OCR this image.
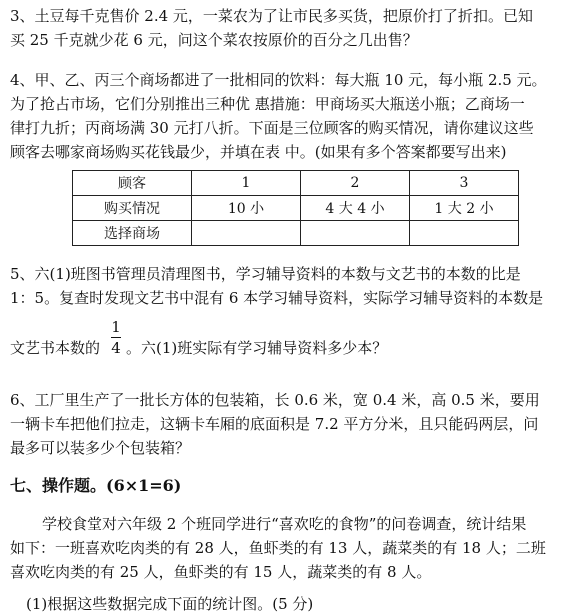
3、土豆每千克售价 2.4 元，一菜农为了让市民多买货，把原价打了折扣。已知
买 25 千克就少花 6 元，问这个菜农按原价的百分之几出售？
4、甲、乙、丙三个商场都进了一批相同的饮料：每大瓶 10 元，每小瓶 2.5 元。
为了抢占市场，它们分别推出三种优 惠措施：甲商场买大瓶送小瓶；乙商场一
律打九折；丙商场满 30 元打八折。下面是三位顾客的购买情况，请你建议这些
顾客去哪家商场购买花钱最少，并填在表 中。(如果有多个答案都要写出来)
顾客	1	2	3
购买情况	10 小	4 大 4 小	1 大 2 小
选择商场			
5、六(1)班图书管理员清理图书，学习辅导资料的本数与文艺书的本数的比是
1：5。复查时发现文艺书中混有 6 本学习辅导资料，实际学习辅导资料的本数是
1
4
文艺书本数的 。六(1)班实际有学习辅导资料多少本？
6、工厂里生产了一批长方体的包装箱，长 0.6 米，宽 0.4 米，高 0.5 米，要用
一辆卡车把他们拉走，这辆卡车厢的底面积是 7.2 平方分米，且只能码两层，问
最多可以装多少个包装箱？
七、操作题。(6×1=6)
学校食堂对六年级 2 个班同学进行“喜欢吃的食物”的问卷调查，统计结果
如下：一班喜欢吃肉类的有 28 人，鱼虾类的有 13 人，蔬菜类的有 18 人；二班
喜欢吃肉类的有 25 人，鱼虾类的有 15 人，蔬菜类的有 8 人。
(1)根据这些数据完成下面的统计图。(5 分)
